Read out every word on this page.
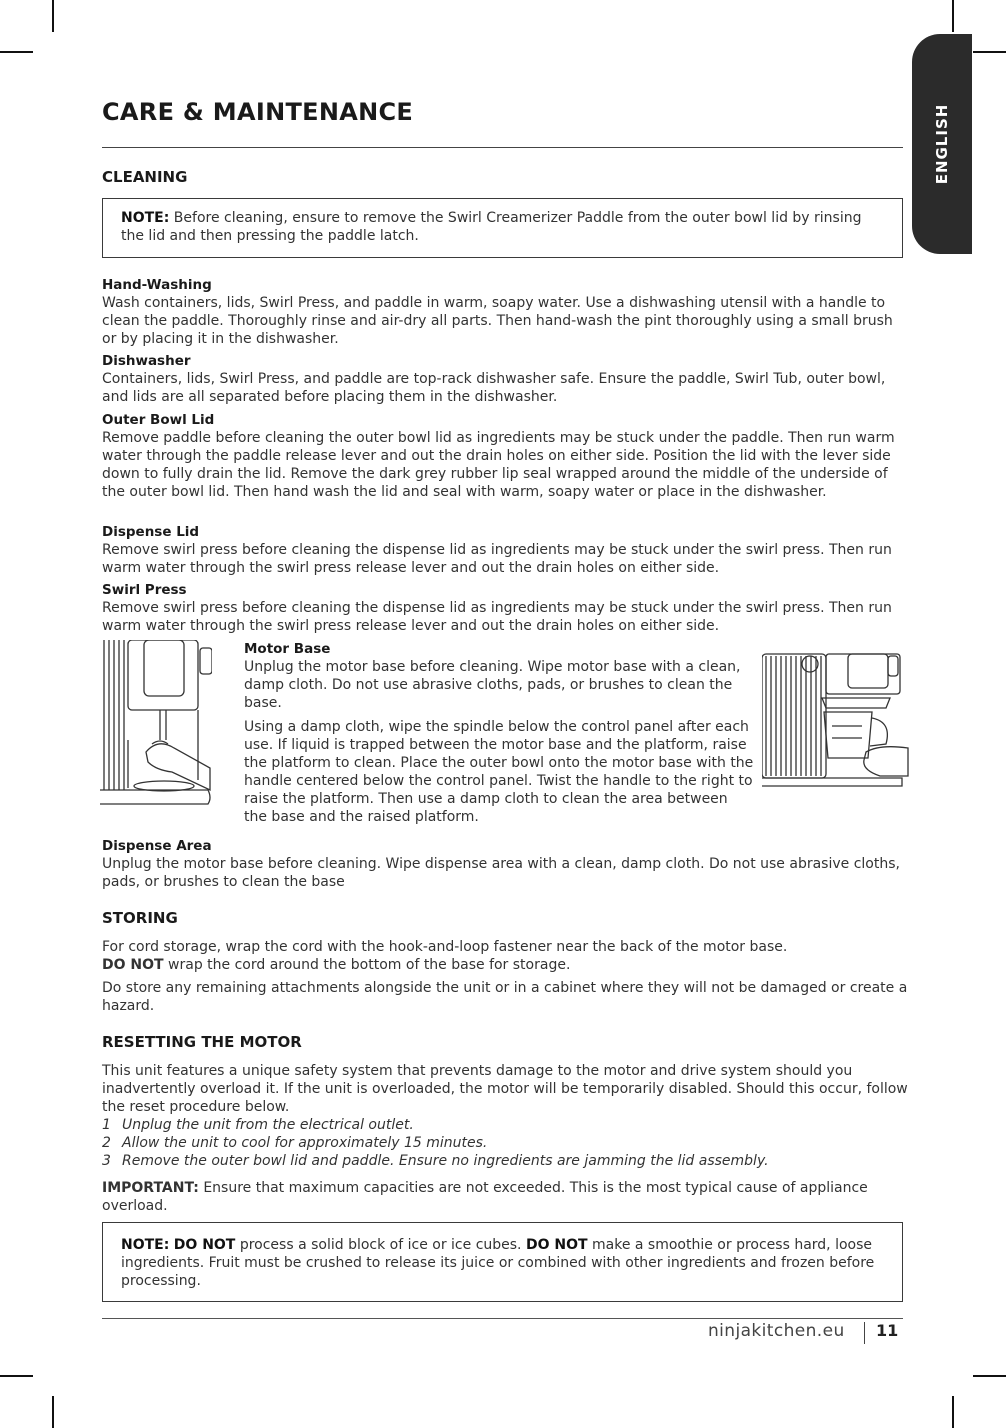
ENGLISH
CARE & MAINTENANCE
CLEANING
NOTE: Before cleaning, ensure to remove the Swirl Creamerizer Paddle from the outer bowl lid by rinsing the lid and then pressing the paddle latch.
Hand-Washing
Wash containers, lids, Swirl Press, and paddle in warm, soapy water. Use a dishwashing utensil with a handle to clean the paddle. Thoroughly rinse and air-dry all parts. Then hand-wash the pint thoroughly using a small brush or by placing it in the dishwasher.
Dishwasher
Containers, lids, Swirl Press, and paddle are top-rack dishwasher safe. Ensure the paddle, Swirl Tub, outer bowl, and lids are all separated before placing them in the dishwasher.
Outer Bowl Lid
Remove paddle before cleaning the outer bowl lid as ingredients may be stuck under the paddle. Then run warm water through the paddle release lever and out the drain holes on either side. Position the lid with the lever side down to fully drain the lid. Remove the dark grey rubber lip seal wrapped around the middle of the underside of the outer bowl lid. Then hand wash the lid and seal with warm, soapy water or place in the dishwasher.
Dispense Lid
Remove swirl press before cleaning the dispense lid as ingredients may be stuck under the swirl press. Then run warm water through the swirl press release lever and out the drain holes on either side.
Swirl Press
Remove swirl press before cleaning the dispense lid as ingredients may be stuck under the swirl press. Then run warm water through the swirl press release lever and out the drain holes on either side.
Motor Base

Unplug the motor base before cleaning. Wipe motor base with a clean, damp cloth. Do not use abrasive cloths, pads, or brushes to clean the base.

Using a damp cloth, wipe the spindle below the control panel after each use. If liquid is trapped between the motor base and the platform, raise the platform to clean. Place the outer bowl onto the motor base with the handle centered below the control panel. Twist the handle to the right to raise the platform. Then use a damp cloth to clean the area between the base and the raised platform.

Dispense Area
Unplug the motor base before cleaning. Wipe dispense area with a clean, damp cloth. Do not use abrasive cloths, pads, or brushes to clean the base
STORING
For cord storage, wrap the cord with the hook-and-loop fastener near the back of the motor base.
DO NOT wrap the cord around the bottom of the base for storage.
Do store any remaining attachments alongside the unit or in a cabinet where they will not be damaged or create a hazard.
RESETTING THE MOTOR
This unit features a unique safety system that prevents damage to the motor and drive system should you inadvertently overload it. If the unit is overloaded, the motor will be temporarily disabled. Should this occur, follow the reset procedure below.
1 Unplug the unit from the electrical outlet.
2 Allow the unit to cool for approximately 15 minutes.
3 Remove the outer bowl lid and paddle. Ensure no ingredients are jamming the lid assembly.
IMPORTANT: Ensure that maximum capacities are not exceeded. This is the most typical cause of appliance overload.
NOTE: DO NOT process a solid block of ice or ice cubes. DO NOT make a smoothie or process hard, loose ingredients. Fruit must be crushed to release its juice or combined with other ingredients and frozen before processing.
ninjakitchen.eu 11
